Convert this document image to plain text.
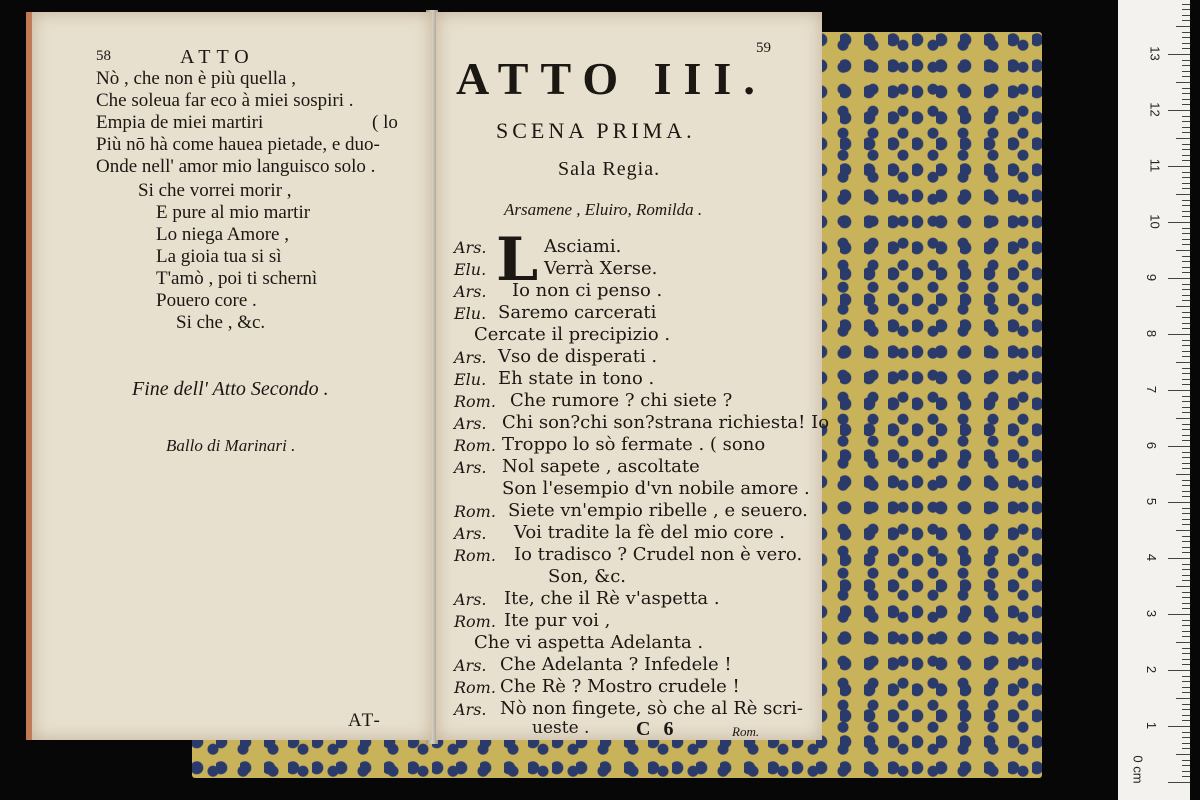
58	ATTO
Nò , che non è più quella ,
Che soleua far eco à miei sospiri .
Empia de miei martiri	( lo
Più nō hà come hauea pietade, e duo-
Onde nell' amor mio languisco solo .
Si che vorrei morir ,
E pure al mio martir
Lo niega Amore ,
La gioia tua si sì
T'amò , poi ti schernì
Pouero core .
Si che , &c.
Fine dell' Atto Secondo .
Ballo di Marinari .
AT-
59
ATTO III.
SCENA PRIMA.
Sala Regia.
Arsamene , Eluiro, Romilda .
L
Ars.	Asciami.
Elu.	Verrà Xerse.
Ars.	Io non ci penso .
Elu. Saremo carcerati
Cercate il precipizio .
Ars. Vso de disperati .
Elu. Eh state in tono .
Rom. Che rumore ? chi siete ?
Ars. Chi son?chi son?strana richiesta! Io
Rom. Troppo lo sò fermate . ( sono
Ars. Nol sapete , ascoltate
Son l'esempio d'vn nobile amore .
Rom. Siete vn'empio ribelle , e seuero.
Ars.	Voi tradite la fè del mio core .
Rom.	Io tradisco ? Crudel non è vero.
Son, &c.
Ars. Ite, che il Rè v'aspetta .
Rom. Ite pur voi ,
Che vi aspetta Adelanta .
Ars. Che Adelanta ? Infedele !
Rom. Che Rè ? Mostro crudele !
Ars. Nò non fingete, sò che al Rè scri-
ueste . C 6	Rom.
0 cm
1
2
3
4
5
6
7
8
9
10
11
12
13
